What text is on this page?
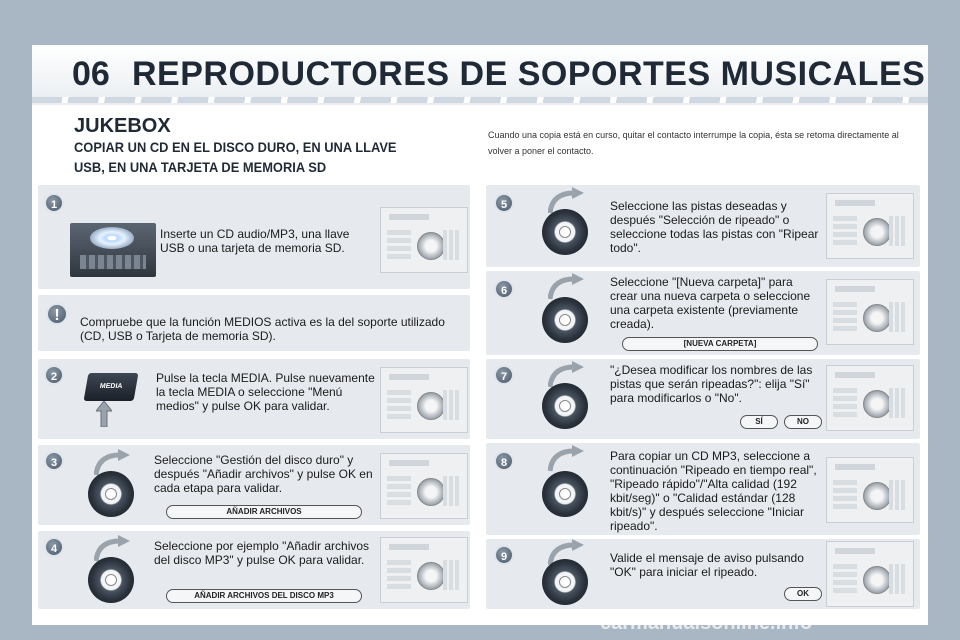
06 REPRODUCTORES DE SOPORTES MUSICALES
JUKEBOX
COPIAR UN CD EN EL DISCO DURO, EN UNA LLAVE USB, EN UNA TARJETA DE MEMORIA SD
Cuando una copia está en curso, quitar el contacto interrumpe la copia, ésta se retoma directamente al volver a poner el contacto.
1
Inserte un CD audio/MP3, una llave USB o una tarjeta de memoria SD.
!	Compruebe que la función MEDIOS activa es la del soporte utilizado (CD, USB o Tarjeta de memoria SD).
2
MEDIA
Pulse la tecla MEDIA. Pulse nuevamente la tecla MEDIA o seleccione "Menú medios" y pulse OK para validar.
3	Seleccione "Gestión del disco duro" y después "Añadir archivos" y pulse OK en cada etapa para validar.
AÑADIR ARCHIVOS
4	Seleccione por ejemplo "Añadir archivos del disco MP3" y pulse OK para validar.
AÑADIR ARCHIVOS DEL DISCO MP3
5	Seleccione las pistas deseadas y después "Selección de ripeado" o seleccione todas las pistas con "Ripear todo".
6
Seleccione "[Nueva carpeta]" para crear una nueva carpeta o seleccione una carpeta existente (previamente creada).
[NUEVA CARPETA]
7	"¿Desea modificar los nombres de las pistas que serán ripeadas?": elija "Sí" para modificarlos o "No".
SÍ	NO
8	Para copiar un CD MP3, seleccione a continuación "Ripeado en tiempo real", "Ripeado rápido"/"Alta calidad (192 kbit/seg)" o "Calidad estándar (128 kbit/s)" y después seleccione "Iniciar ripeado".
9	Valide el mensaje de aviso pulsando "OK" para iniciar el ripeado.
OK
carmanualsonline.info	253
